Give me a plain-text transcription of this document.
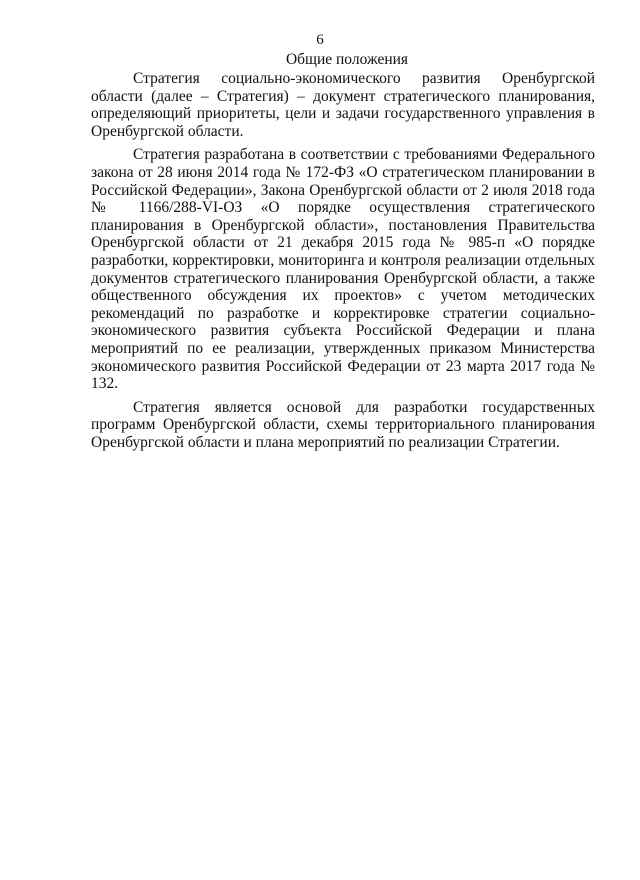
6
Общие положения

Стратегия социально-экономического развития Оренбургской области (далее – Стратегия) – документ стратегического планирования, определяющий приоритеты, цели и задачи государственного управления в Оренбургской области.

Стратегия разработана в соответствии с требованиями Федерального закона от 28 июня 2014 года № 172-ФЗ «О стратегическом планировании в Российской Федерации», Закона Оренбургской области от 2 июля 2018 года № 1166/288-VI-ОЗ «О порядке осуществления стратегического планирования в Оренбургской области», постановления Правительства Оренбургской области от 21 декабря 2015 года № 985-п «О порядке разработки, корректировки, мониторинга и контроля реализации отдельных документов стратегического планирования Оренбургской области, а также общественного обсуждения их проектов» с учетом методических рекомендаций по разработке и корректировке стратегии социально-экономического развития субъекта Российской Федерации и плана мероприятий по ее реализации, утвержденных приказом Министерства экономического развития Российской Федерации от 23 марта 2017 года № 132.

Стратегия является основой для разработки государственных программ Оренбургской области, схемы территориального планирования Оренбургской области и плана мероприятий по реализации Стратегии.
